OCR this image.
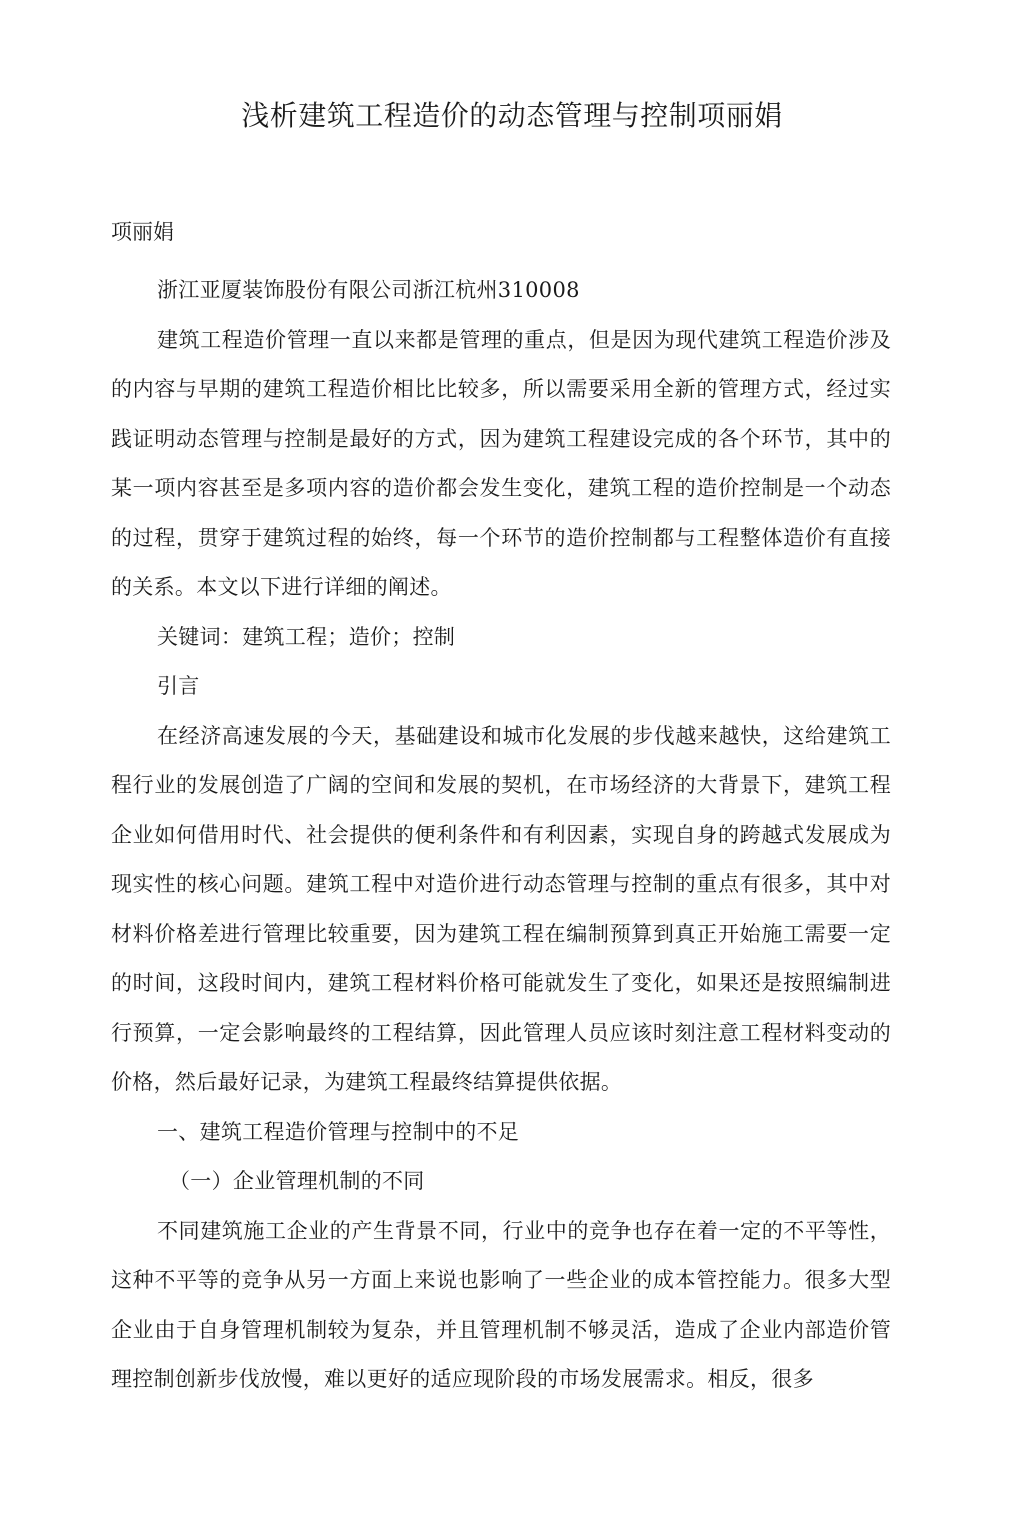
浅析建筑工程造价的动态管理与控制项丽娟

项丽娟

浙江亚厦装饰股份有限公司浙江杭州310008

建筑工程造价管理一直以来都是管理的重点，但是因为现代建筑工程造价涉及的内容与早期的建筑工程造价相比比较多，所以需要采用全新的管理方式，经过实践证明动态管理与控制是最好的方式，因为建筑工程建设完成的各个环节，其中的某一项内容甚至是多项内容的造价都会发生变化，建筑工程的造价控制是一个动态的过程，贯穿于建筑过程的始终，每一个环节的造价控制都与工程整体造价有直接的关系。本文以下进行详细的阐述。

关键词：建筑工程；造价；控制

引言

在经济高速发展的今天，基础建设和城市化发展的步伐越来越快，这给建筑工程行业的发展创造了广阔的空间和发展的契机，在市场经济的大背景下，建筑工程企业如何借用时代、社会提供的便利条件和有利因素，实现自身的跨越式发展成为现实性的核心问题。建筑工程中对造价进行动态管理与控制的重点有很多，其中对材料价格差进行管理比较重要，因为建筑工程在编制预算到真正开始施工需要一定的时间，这段时间内，建筑工程材料价格可能就发生了变化，如果还是按照编制进行预算，一定会影响最终的工程结算，因此管理人员应该时刻注意工程材料变动的价格，然后最好记录，为建筑工程最终结算提供依据。

一、建筑工程造价管理与控制中的不足

（一）企业管理机制的不同

不同建筑施工企业的产生背景不同，行业中的竞争也存在着一定的不平等性，这种不平等的竞争从另一方面上来说也影响了一些企业的成本管控能力。很多大型企业由于自身管理机制较为复杂，并且管理机制不够灵活，造成了企业内部造价管理控制创新步伐放慢，难以更好的适应现阶段的市场发展需求。相反，很多
